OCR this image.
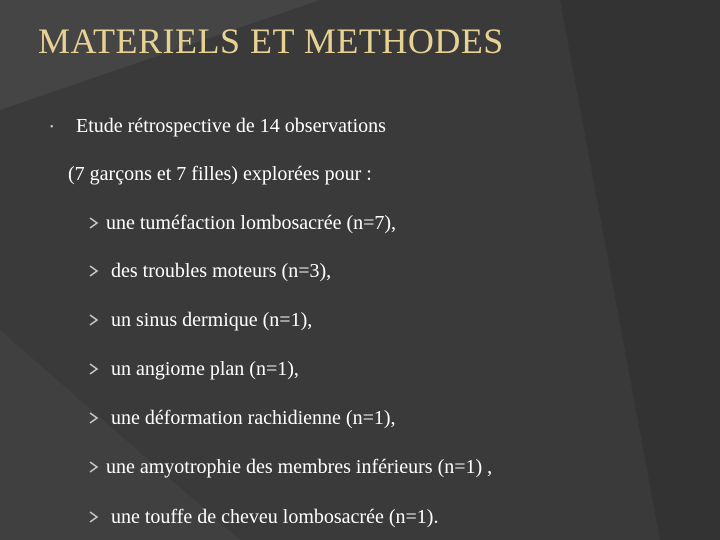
MATERIELS ET METHODES
• Etude rétrospective de 14 observations
(7 garçons et 7 filles) explorées pour :
une tuméfaction lombosacrée (n=7),
des troubles moteurs (n=3),
un sinus dermique (n=1),
un angiome plan (n=1),
une déformation rachidienne (n=1),
une amyotrophie des membres inférieurs (n=1) ,
une touffe de cheveu lombosacrée (n=1).
